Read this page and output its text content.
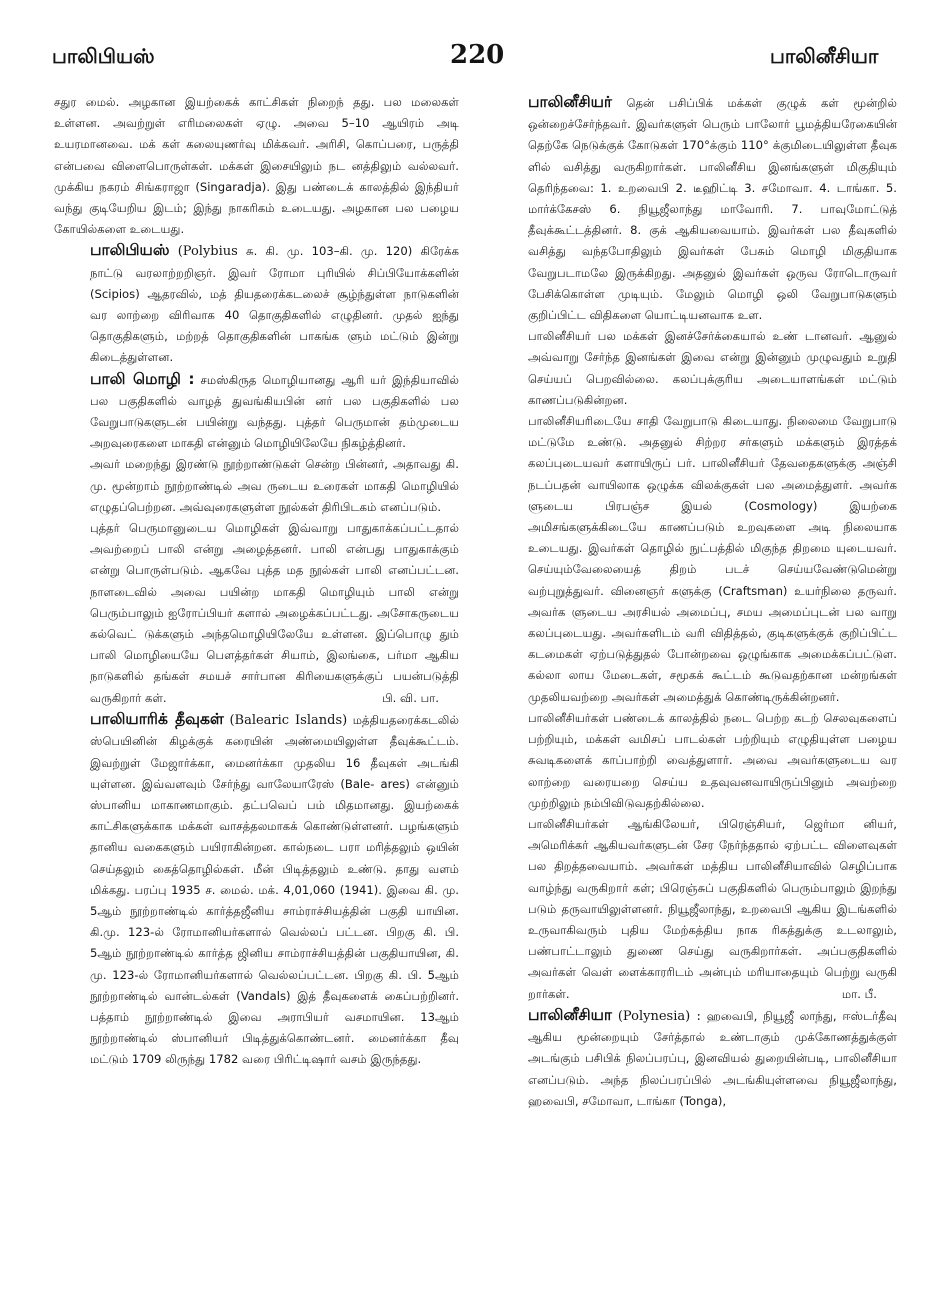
பாலிபியஸ்	220	பாலினீசியா

சதுர மைல். அழகான இயற்கைக் காட்சிகள் நிறைந் தது. பல மலைகள் உள்ளன. அவற்றுள் எரிமலைகள் ஏழு. அவை 5–10 ஆயிரம் அடி உயரமானவை. மக் கள் கலையுணர்வு மிக்கவர். அரிசி, கொப்பரை, பருத்தி என்பவை விளைபொருள்கள். மக்கள் இசையிலும் நட னத்திலும் வல்லவர். முக்கிய நகரம் சிங்கராஜா (Singaradja). இது பண்டைக் காலத்தில் இந்தியர் வந்து குடியேறிய இடம்; இந்து நாகரிகம் உடையது. அழகான பல பழைய கோயில்களை உடையது.

பாலிபியஸ் (Polybius சு. கி. மு. 103–கி. மு. 120) கிரேக்க நாட்டு வரலாற்றறிஞர். இவர் ரோமா புரியில் சிப்பியோக்களின் (Scipios) ஆதரவில், மத் தியதரைக்கடலைச் சூழ்ந்துள்ள நாடுகளின் வர லாற்றை விரிவாக 40 தொகுதிகளில் எழுதினர். முதல் ஐந்து தொகுதிகளும், மற்றத் தொகுதிகளின் பாகங்க ளும் மட்டும் இன்று கிடைத்துள்ளன.

பாலி மொழி : சமஸ்கிருத மொழியானது ஆரி யர் இந்தியாவில் பல பகுதிகளில் வாழத் துவங்கியபின் னர் பல பகுதிகளில் பல வேறுபாடுகளுடன் பயின்று வந்தது. புத்தர் பெருமான் தம்முடைய அறவுரைகளை மாகதி என்னும் மொழியிலேயே நிகழ்த்தினர்.

அவர் மறைந்து இரண்டு நூற்றாண்டுகள் சென்ற பின்னர், அதாவது கி. மு. மூன்றாம் நூற்றாண்டில் அவ ருடைய உரைகள் மாகதி மொழியில் எழுதப்பெற்றன. அவ்வுரைகளுள்ள நூல்கள் திரிபிடகம் எனப்படும்.

புத்தர் பெருமானுடைய மொழிகள் இவ்வாறு பாதுகாக்கப்பட்டதால் அவற்றைப் பாலி என்று அழைத்தனர். பாலி என்பது பாதுகாக்கும் என்று பொருள்படும். ஆகவே புத்த மத நூல்கள் பாலி எனப்பட்டன. நாளடைவில் அவை பயின்ற மாகதி மொழியும் பாலி என்று பெரும்பாலும் ஐரோப்பியர் களால் அழைக்கப்பட்டது. அசோகருடைய கல்வெட் டுக்களும் அந்தமொழியிலேயே உள்ளன. இப்பொழு தும் பாலி மொழியையே பௌத்தர்கள் சியாம், இலங்கை, பர்மா ஆகிய நாடுகளில் தங்கள் சமயச் சார்பான கிரியைகளுக்குப் பயன்படுத்தி வருகிறார் கள்.	பி. வி. பா.

பாலியாரிக் தீவுகள் (Balearic Islands) மத்தியதரைக்கடலில் ஸ்பெயினின் கிழக்குக் கரையின் அண்மையிலுள்ள தீவுக்கூட்டம். இவற்றுள் மேஜார்க்கா, மைனர்க்கா முதலிய 16 தீவுகள் அடங்கி யுள்ளன. இவ்வளவும் சேர்ந்து வாலேயாரேஸ் (Bale- ares) என்னும் ஸ்பானிய மாகாணமாகும். தட்பவெப் பம் மிதமானது. இயற்கைக் காட்சிகளுக்காக மக்கள் வாசத்தலமாகக் கொண்டுள்ளனர். பழங்களும் தானிய வகைகளும் பயிராகின்றன. கால்நடை பரா மரித்தலும் ஒயின் செய்தலும் கைத்தொழில்கள். மீன் பிடித்தலும் உண்டு. தாது வளம் மிக்கது. பரப்பு 1935 ச. மைல். மக். 4,01,060 (1941). இவை கி. மு. 5ஆம் நூற்றாண்டில் கார்த்தஜீனிய சாம்ராச்சியத்தின் பகுதி யாயின. கி.மு. 123-ல் ரோமானியர்களால் வெல்லப் பட்டன. பிறகு கி. பி. 5ஆம் நூற்றாண்டில் கார்த்த ஜினிய சாம்ராச்சியத்தின் பகுதியாயின, கி. மு. 123-ல் ரோமானியர்களால் வெல்லப்பட்டன. பிறகு கி. பி. 5ஆம் நூற்றாண்டில் வான்டல்கள் (Vandals) இத் தீவுகளைக் கைப்பற்றினர். பத்தாம் நூற்றாண்டில் இவை அராபியர் வசமாயின. 13ஆம் நூற்றாண்டில் ஸ்பானியர் பிடித்துக்கொண்டனர். மைனர்க்கா தீவு மட்டும் 1709 லிருந்து 1782 வரை பிரிட்டிஷார் வசம் இருந்தது.

பாலினீசியர் தென் பசிப்பிக் மக்கள் குழுக் கள் மூன்றில் ஒன்றைச்சேர்ந்தவர். இவர்களுள் பெரும் பாலோர் பூமத்தியரேகையின் தெற்கே நெடுக்குக் கோடுகள் 170°க்கும் 110° க்குமிடையிலுள்ள தீவுக ளில் வசித்து வருகிறார்கள். பாலினீசிய இனங்களுள் மிகுதியும் தெரிந்தவை: 1. உறவைபி 2. டீஹிட்டி 3. சமோவா. 4. டாங்கா. 5. மார்க்கேசஸ் 6. நியூஜீலாந்து மாவோரி. 7. பாவுமோட்டுத் தீவுக்கூட்டத்தினர். 8. குக் ஆகியவையாம். இவர்கள் பல தீவுகளில் வசித்து வந்தபோதிலும் இவர்கள் பேசும் மொழி மிகுதியாக வேறுபடாமலே இருக்கிறது. அதனுல் இவர்கள் ஒருவ ரோடொருவர் பேசிக்கொள்ள முடியும். மேலும் மொழி ஒலி வேறுபாடுகளும் குறிப்பிட்ட விதிகளை யொட்டியனவாக உள.

பாலினீசியர் பல மக்கள் இனச்சேர்க்கையால் உண் டானவர். ஆனுல் அவ்வாறு சேர்ந்த இனங்கள் இவை என்று இன்னும் முழுவதும் உறுதி செய்யப் பெறவில்லை. கலப்புக்குரிய அடையாளங்கள் மட்டும் காணப்படுகின்றன.

பாலினீசியரிடையே சாதி வேறுபாடு கிடையாது. நிலைமை வேறுபாடு மட்டுமே உண்டு. அதனுல் சிற்றர சர்களும் மக்களும் இரத்தக் கலப்புடையவர் களாயிருப் பர். பாலினீசியர் தேவதைகளுக்கு அஞ்சி நடப்பதன் வாயிலாக ஒழுக்க விலக்குகள் பல அமைத்துளர். அவர்க ளுடைய பிரபஞ்ச இயல் (Cosmology) இயற்கை அமிசங்களுக்கிடையே காணப்படும் உறவுகளை அடி நிலையாக உடையது. இவர்கள் தொழில் நுட்பத்தில் மிகுந்த திறமை யுடையவர். செய்யும்வேலையைத் திறம் படச் செய்யவேண்டுமென்று வற்புறுத்துவர். வினைஞர் களுக்கு (Craftsman) உயர்நிலை தருவர். அவர்க ளுடைய அரசியல் அமைப்பு, சமய அமைப்புடன் பல வாறு கலப்புடையது. அவர்களிடம் வரி விதித்தல், குடிகளுக்குக் குறிப்பிட்ட கடமைகள் ஏற்படுத்துதல் போன்றவை ஒழுங்காக அமைக்கப்பட்டுள. கல்லா லாய மேடைகள், சமூகக் கூட்டம் கூடுவதற்கான மன்றங்கள் முதலியவற்றை அவர்கள் அமைத்துக் கொண்டிருக்கின்றனர்.

பாலினீசியர்கள் பண்டைக் காலத்தில் நடை பெற்ற கடற் செலவுகளைப் பற்றியும், மக்கள் வமிசப் பாடல்கள் பற்றியும் எழுதியுள்ள பழைய சுவடிகளைக் காப்பாற்றி வைத்துளார். அவை அவர்களுடைய வர லாற்றை வரையறை செய்ய உதவுவனவாயிருப்பினும் அவற்றை முற்றிலும் நம்பிவிடுவதற்கில்லை.

பாலினீசியர்கள் ஆங்கிலேயர், பிரெஞ்சியர், ஜெர்மா னியர், அமெரிக்கர் ஆகியவர்களுடன் சேர நேர்ந்ததால் ஏற்பட்ட விளைவுகள் பல திறத்தவையாம். அவர்கள் மத்திய பாலினீசியாவில் செழிப்பாக வாழ்ந்து வருகிறார் கள்; பிரெஞ்சுப் பகுதிகளில் பெரும்பாலும் இறந்து படும் தருவாயிலுள்ளனர். நியூஜீலாந்து, உறவைபி ஆகிய இடங்களில் உருவாகிவரும் புதிய மேற்கத்திய நாக ரிகத்துக்கு உடலாலும், பண்பாட்டாலும் துணை செய்து வருகிறார்கள். அப்பகுதிகளில் அவர்கள் வெள் ளைக்காரரிடம் அன்பும் மரியாதையும் பெற்று வருகி றார்கள்.	மா. பீ.

பாலினீசியா (Polynesia) : ஹவைபி, நியூஜீ லாந்து, ஈஸ்டர்தீவு ஆகிய மூன்றையும் சேர்த்தால் உண்டாகும் முக்கோணத்துக்குள் அடங்கும் பசிபிக் நிலப்பரப்பு, இனவியல் துறையின்படி, பாலினீசியா எனப்படும். அந்த நிலப்பரப்பில் அடங்கியுள்ளவை நியூஜீலாந்து, ஹவைபி, சமோவா, டாங்கா (Tonga),
